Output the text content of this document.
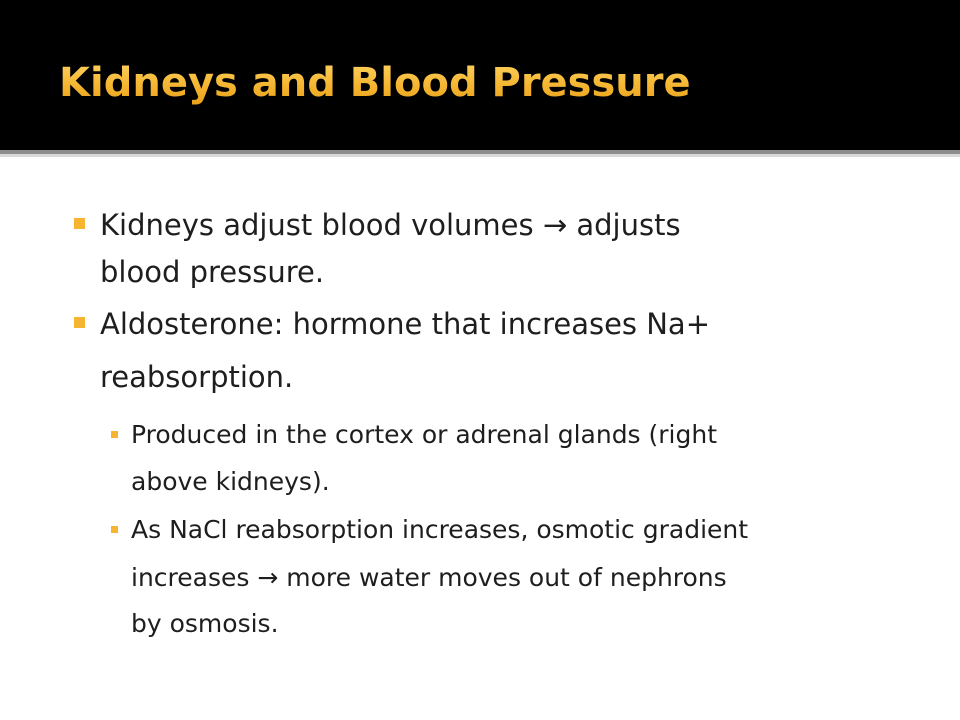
Kidneys and Blood Pressure
Kidneys adjust blood volumes → adjusts
blood pressure.
Aldosterone: hormone that increases Na+
reabsorption.
Produced in the cortex or adrenal glands (right
above kidneys).
As NaCl reabsorption increases, osmotic gradient
increases → more water moves out of nephrons
by osmosis.
